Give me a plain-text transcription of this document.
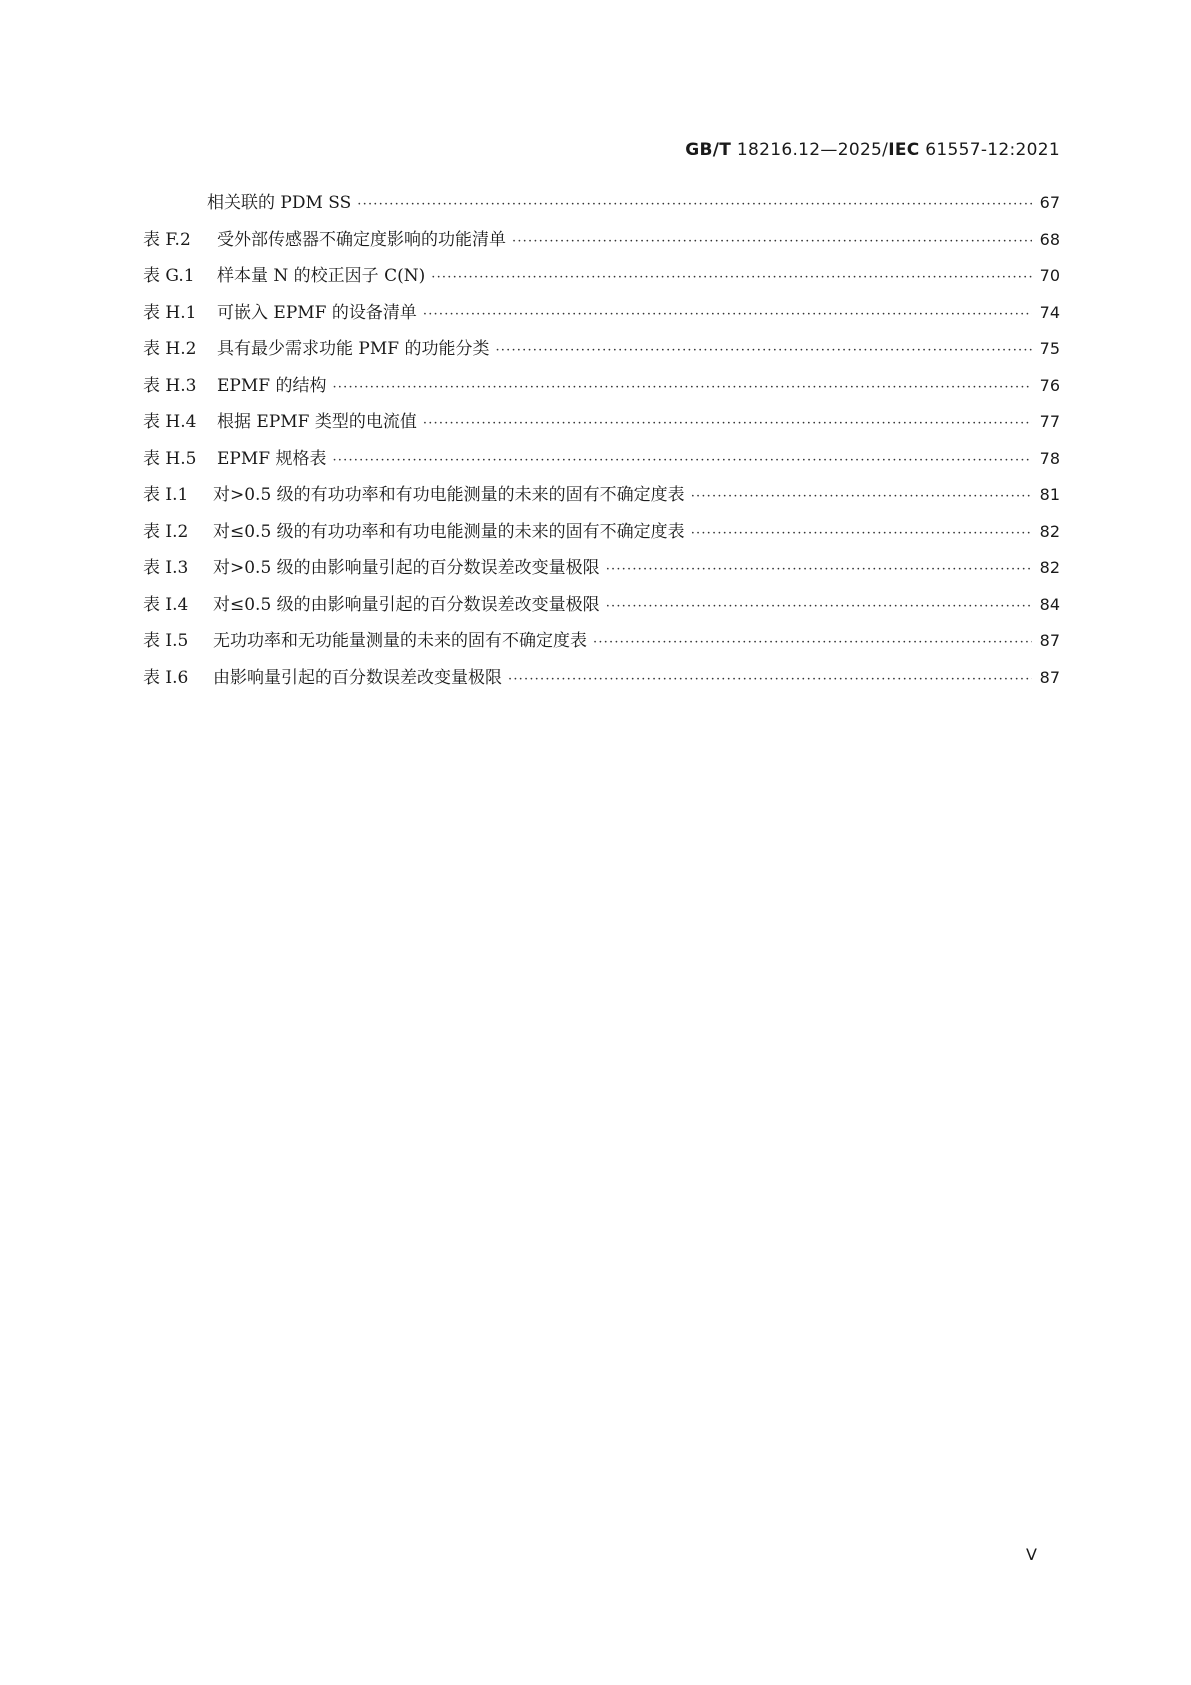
GB/T 18216.12—2025/IEC 61557-12:2021
相关联的 PDM SS ·····	67
表 F.2	受外部传感器不确定度影响的功能清单 ·····	68
表 G.1	样本量 N 的校正因子 C(N) ·····	70
表 H.1	可嵌入 EPMF 的设备清单 ·····	74
表 H.2	具有最少需求功能 PMF 的功能分类 ·····	75
表 H.3	EPMF 的结构 ·····	76
表 H.4	根据 EPMF 类型的电流值 ·····	77
表 H.5	EPMF 规格表 ·····	78
表 I.1	对>0.5 级的有功功率和有功电能测量的未来的固有不确定度表 ·····	81
表 I.2	对≤0.5 级的有功功率和有功电能测量的未来的固有不确定度表 ·····	82
表 I.3	对>0.5 级的由影响量引起的百分数误差改变量极限 ·····	82
表 I.4	对≤0.5 级的由影响量引起的百分数误差改变量极限 ·····	84
表 I.5	无功功率和无功能量测量的未来的固有不确定度表 ·····	87
表 I.6	由影响量引起的百分数误差改变量极限 ·····	87
V
